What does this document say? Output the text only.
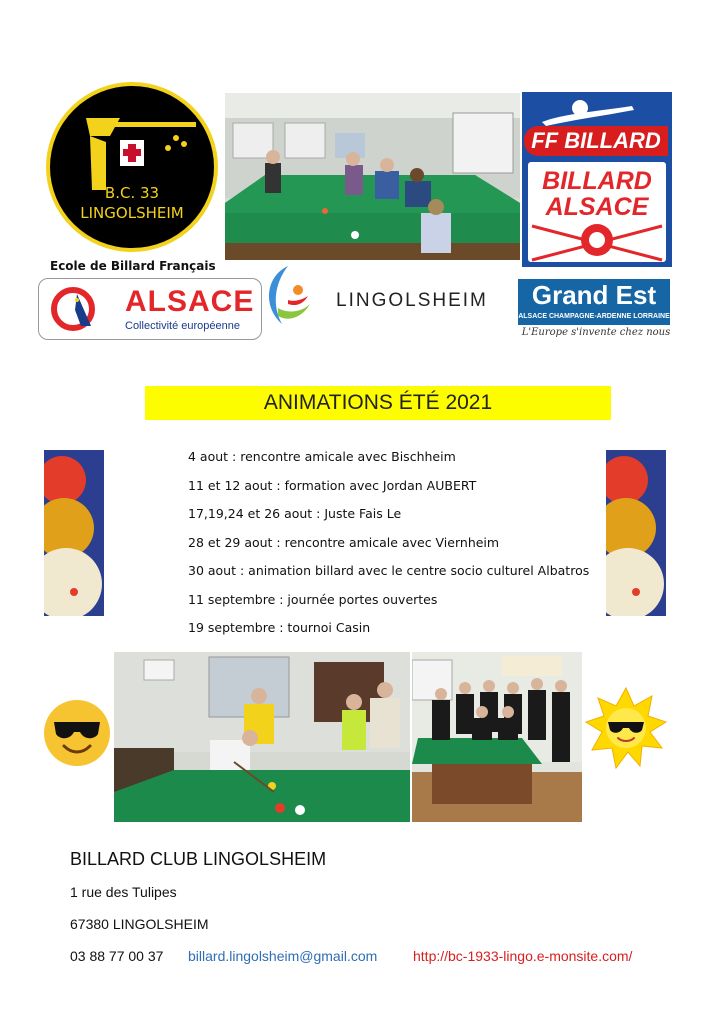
B.C. 33
LINGOLSHEIM
Ecole de Billard Français
FF BILLARD
BILLARD
ALSACE
ALSACE
Collectivité européenne
LINGOLSHEIM	Grand Est
ALSACE CHAMPAGNE-ARDENNE LORRAINE
L'Europe s'invente chez nous
ANIMATIONS ÉTÉ 2021
4 aout : rencontre amicale avec Bischheim
11 et 12 aout : formation avec Jordan AUBERT
17,19,24 et 26 aout : Juste Fais Le
28 et 29 aout : rencontre amicale avec Viernheim
30 aout : animation billard avec le centre socio culturel Albatros
11 septembre : journée portes ouvertes
19 septembre : tournoi Casin
BILLARD CLUB LINGOLSHEIM
1 rue des Tulipes
67380 LINGOLSHEIM
03 88 77 00 37 billard.lingolsheim@gmail.com	http://bc-1933-lingo.e-monsite.com/
